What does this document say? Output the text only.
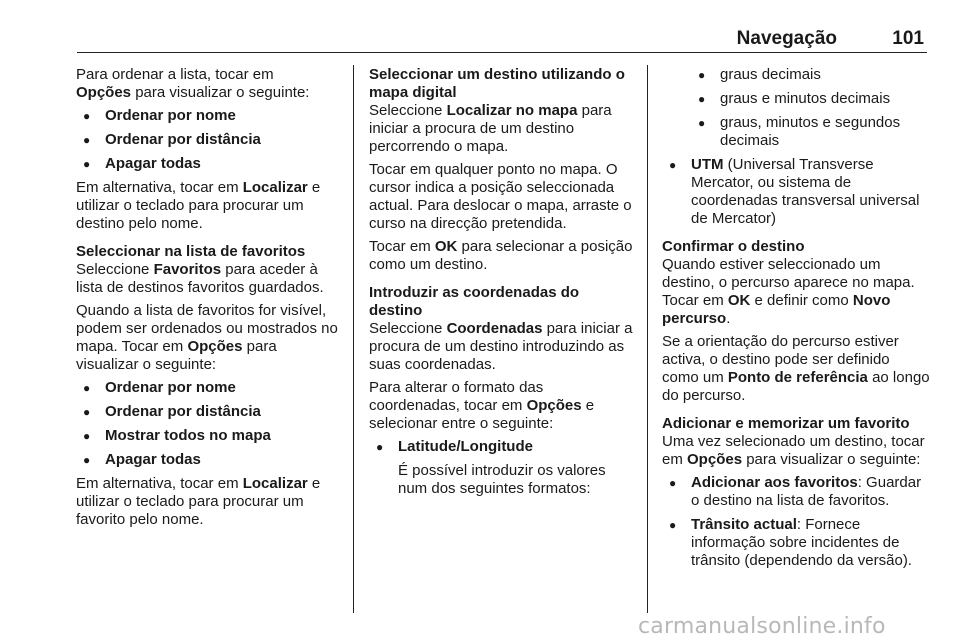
Navegação	101

Para ordenar a lista, tocar em
Opções para visualizar o seguinte:

● Ordenar por nome
● Ordenar por distância
● Apagar todas

Em alternativa, tocar em Localizar e utilizar o teclado para procurar um destino pelo nome.

Seleccionar na lista de favoritos

Seleccione Favoritos para aceder à lista de destinos favoritos guardados.

Quando a lista de favoritos for visível, podem ser ordenados ou mostrados no mapa. Tocar em Opções para visualizar o seguinte:

● Ordenar por nome
● Ordenar por distância
● Mostrar todos no mapa
● Apagar todas

Em alternativa, tocar em Localizar e utilizar o teclado para procurar um favorito pelo nome.

Seleccionar um destino utilizando o mapa digital

Seleccione Localizar no mapa para iniciar a procura de um destino percorrendo o mapa.

Tocar em qualquer ponto no mapa. O cursor indica a posição seleccionada actual. Para deslocar o mapa, arraste o curso na direcção pretendida.

Tocar em OK para selecionar a posição como um destino.

Introduzir as coordenadas do destino

Seleccione Coordenadas para iniciar a procura de um destino introduzindo as suas coordenadas.

Para alterar o formato das coordenadas, tocar em Opções e selecionar entre o seguinte:

● Latitude/Longitude
É possível introduzir os valores num dos seguintes formatos:
● graus decimais
● graus e minutos decimais
● graus, minutos e segundos decimais
● UTM (Universal Transverse Mercator, ou sistema de coordenadas transversal universal de Mercator)

Confirmar o destino

Quando estiver seleccionado um destino, o percurso aparece no mapa. Tocar em OK e definir como Novo percurso.

Se a orientação do percurso estiver activa, o destino pode ser definido como um Ponto de referência ao longo do percurso.

Adicionar e memorizar um favorito

Uma vez selecionado um destino, tocar em Opções para visualizar o seguinte:

● Adicionar aos favoritos: Guardar o destino na lista de favoritos.
● Trânsito actual: Fornece informação sobre incidentes de trânsito (dependendo da versão).
carmanualsonline.info
